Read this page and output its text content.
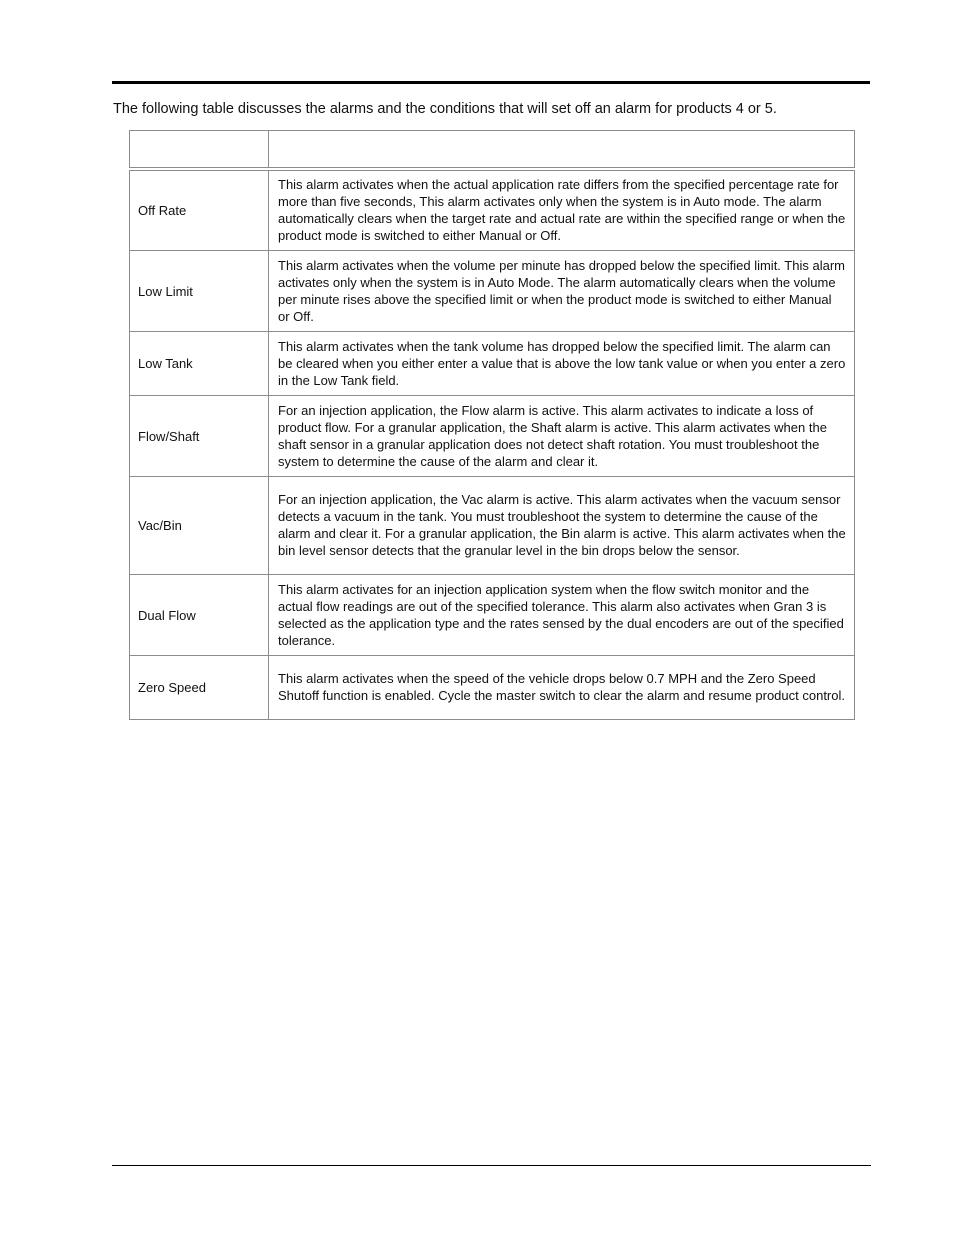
The following table discusses the alarms and the conditions that will set off an alarm for products 4 or 5.

Off Rate	This alarm activates when the actual application rate differs from the specified percentage rate for more than five seconds, This alarm activates only when the system is in Auto mode. The alarm automatically clears when the target rate and actual rate are within the specified range or when the product mode is switched to either Manual or Off.
Low Limit	This alarm activates when the volume per minute has dropped below the specified limit. This alarm activates only when the system is in Auto Mode. The alarm automatically clears when the volume per minute rises above the specified limit or when the product mode is switched to either Manual or Off.
Low Tank	This alarm activates when the tank volume has dropped below the specified limit. The alarm can be cleared when you either enter a value that is above the low tank value or when you enter a zero in the Low Tank field.
Flow/Shaft	For an injection application, the Flow alarm is active. This alarm activates to indicate a loss of product flow. For a granular application, the Shaft alarm is active. This alarm activates when the shaft sensor in a granular application does not detect shaft rotation. You must troubleshoot the system to determine the cause of the alarm and clear it.
Vac/Bin	For an injection application, the Vac alarm is active. This alarm activates when the vacuum sensor detects a vacuum in the tank. You must troubleshoot the system to determine the cause of the alarm and clear it. For a granular application, the Bin alarm is active. This alarm activates when the bin level sensor detects that the granular level in the bin drops below the sensor.
Dual Flow	This alarm activates for an injection application system when the flow switch monitor and the actual flow readings are out of the specified tolerance. This alarm also activates when Gran 3 is selected as the application type and the rates sensed by the dual encoders are out of the specified tolerance.
Zero Speed	This alarm activates when the speed of the vehicle drops below 0.7 MPH and the Zero Speed Shutoff function is enabled. Cycle the master switch to clear the alarm and resume product control.
